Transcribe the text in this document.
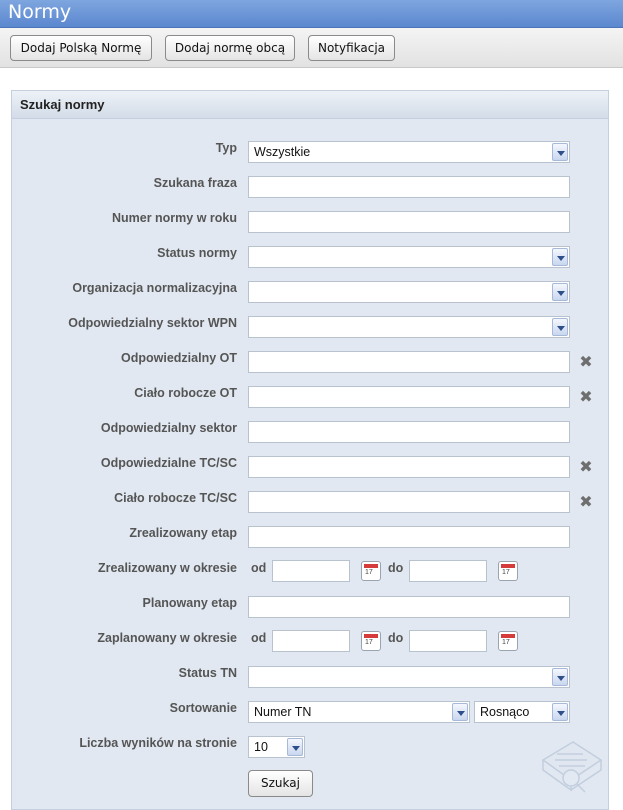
Normy
Dodaj Polską Normę	Dodaj normę obcą	Notyfikacja
Szukaj normy
Typ Wszystkie
Szukana fraza
Numer normy w roku
Status normy
Organizacja normalizacyjna
Odpowiedzialny sektor WPN
Odpowiedzialny OT	✖
Ciało robocze OT	✖
Odpowiedzialny sektor
Odpowiedzialne TC/SC	✖
Ciało robocze TC/SC	✖
Zrealizowany etap
Zrealizowany w okresie od	17 do	17
Planowany etap
Zaplanowany w okresie od	17 do	17
Status TN
Sortowanie Numer TN	Rosnąco
Liczba wyników na stronie 10
Szukaj
